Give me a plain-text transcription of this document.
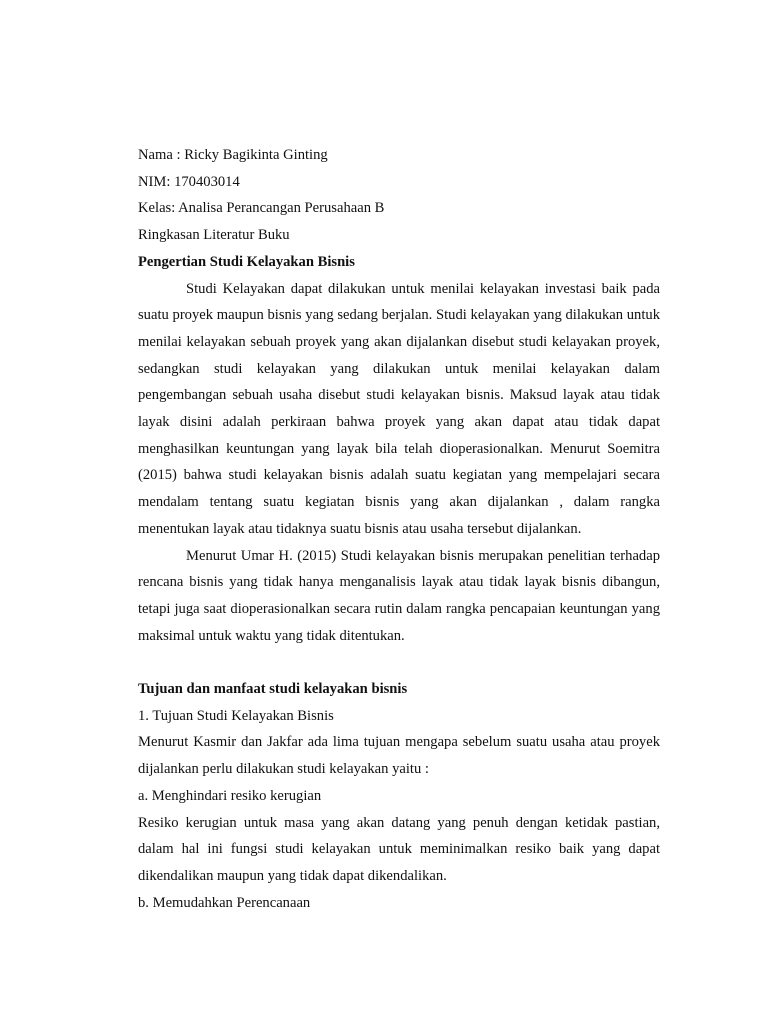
Nama : Ricky Bagikinta Ginting

NIM: 170403014

Kelas: Analisa Perancangan Perusahaan B

Ringkasan Literatur Buku

Pengertian Studi Kelayakan Bisnis

Studi Kelayakan dapat dilakukan untuk menilai kelayakan investasi baik pada suatu proyek maupun bisnis yang sedang berjalan. Studi kelayakan yang dilakukan untuk menilai kelayakan sebuah proyek yang akan dijalankan disebut studi kelayakan proyek, sedangkan studi kelayakan yang dilakukan untuk menilai kelayakan dalam pengembangan sebuah usaha disebut studi kelayakan bisnis. Maksud layak atau tidak layak disini adalah perkiraan bahwa proyek yang akan dapat atau tidak dapat menghasilkan keuntungan yang layak bila telah dioperasionalkan. Menurut Soemitra (2015) bahwa studi kelayakan bisnis adalah suatu kegiatan yang mempelajari secara mendalam tentang suatu kegiatan bisnis yang akan dijalankan , dalam rangka menentukan layak atau tidaknya suatu bisnis atau usaha tersebut dijalankan.

Menurut Umar H. (2015) Studi kelayakan bisnis merupakan penelitian terhadap rencana bisnis yang tidak hanya menganalisis layak atau tidak layak bisnis dibangun, tetapi juga saat dioperasionalkan secara rutin dalam rangka pencapaian keuntungan yang maksimal untuk waktu yang tidak ditentukan.

Tujuan dan manfaat studi kelayakan bisnis

1. Tujuan Studi Kelayakan Bisnis

Menurut Kasmir dan Jakfar ada lima tujuan mengapa sebelum suatu usaha atau proyek dijalankan perlu dilakukan studi kelayakan yaitu :

a. Menghindari resiko kerugian

Resiko kerugian untuk masa yang akan datang yang penuh dengan ketidak pastian, dalam hal ini fungsi studi kelayakan untuk meminimalkan resiko baik yang dapat dikendalikan maupun yang tidak dapat dikendalikan.

b. Memudahkan Perencanaan
